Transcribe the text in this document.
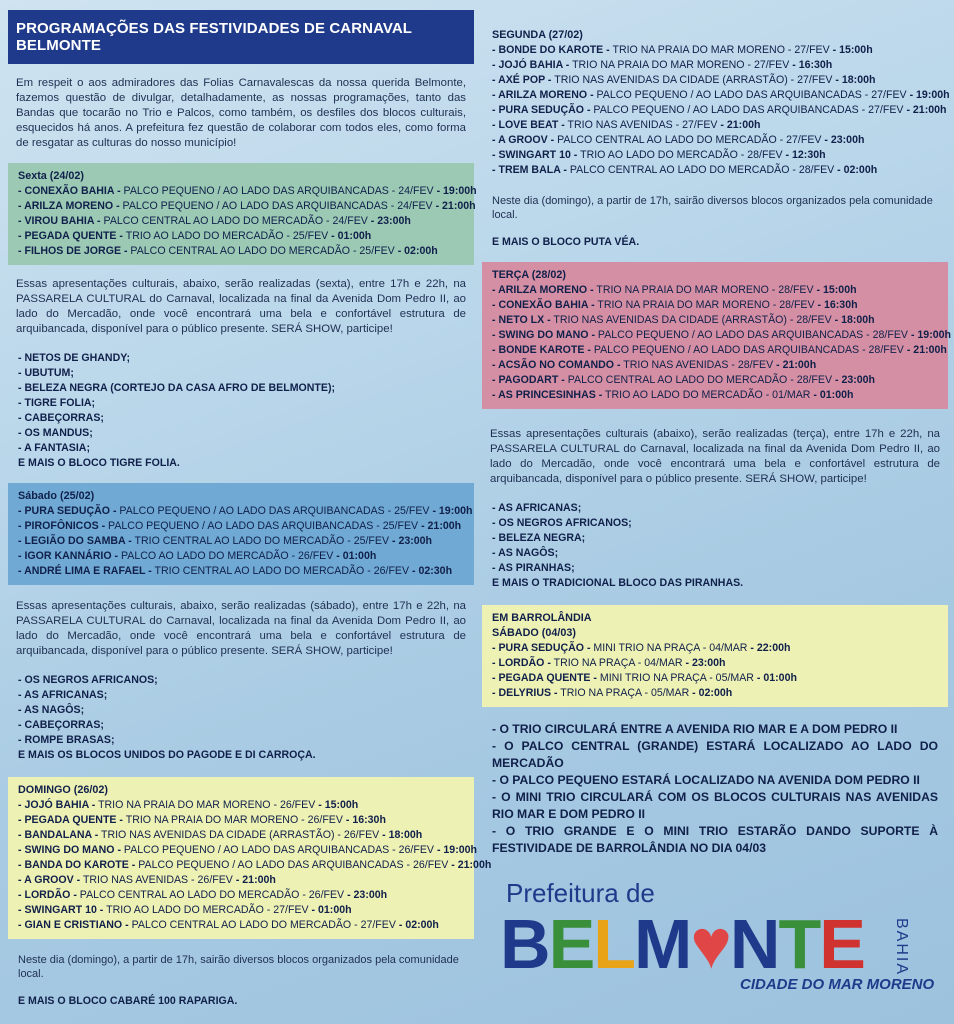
PROGRAMAÇÕES DAS FESTIVIDADES DE CARNAVAL BELMONTE
Em respeit o aos admiradores das Folias Carnavalescas da nossa querida Belmonte, fazemos questão de divulgar, detalhadamente, as nossas programações, tanto das Bandas que tocarão no Trio e Palcos, como também, os desfiles dos blocos culturais, esquecidos há anos. A prefeitura fez questão de colaborar com todos eles, como forma de resgatar as culturas do nosso município!
Sexta (24/02)
- CONEXÃO BAHIA - PALCO PEQUENO / AO LADO DAS ARQUIBANCADAS - 24/FEV - 19:00h
- ARILZA MORENO - PALCO PEQUENO / AO LADO DAS ARQUIBANCADAS - 24/FEV - 21:00h
- VIROU BAHIA - PALCO CENTRAL AO LADO DO MERCADÃO - 24/FEV - 23:00h
- PEGADA QUENTE - TRIO AO LADO DO MERCADÃO - 25/FEV - 01:00h
- FILHOS DE JORGE - PALCO CENTRAL AO LADO DO MERCADÃO - 25/FEV - 02:00h
Essas apresentações culturais, abaixo, serão realizadas (sexta), entre 17h e 22h, na PASSARELA CULTURAL do Carnaval, localizada na final da Avenida Dom Pedro II, ao lado do Mercadão, onde você encontrará uma bela e confortável estrutura de arquibancada, disponível para o público presente. SERÁ SHOW, participe!
- NETOS DE GHANDY;
- UBUTUM;
- BELEZA NEGRA (CORTEJO DA CASA AFRO DE BELMONTE);
- TIGRE FOLIA;
- CABEÇORRAS;
- OS MANDUS;
- A FANTASIA;
E MAIS O BLOCO TIGRE FOLIA.
Sábado (25/02)
- PURA SEDUÇÃO - PALCO PEQUENO / AO LADO DAS ARQUIBANCADAS - 25/FEV - 19:00h
- PIROFÔNICOS - PALCO PEQUENO / AO LADO DAS ARQUIBANCADAS - 25/FEV - 21:00h
- LEGIÃO DO SAMBA - TRIO CENTRAL AO LADO DO MERCADÃO - 25/FEV - 23:00h
- IGOR KANNÁRIO - PALCO AO LADO DO MERCADÃO - 26/FEV - 01:00h
- ANDRÉ LIMA E RAFAEL - TRIO CENTRAL AO LADO DO MERCADÃO - 26/FEV - 02:30h
Essas apresentações culturais, abaixo, serão realizadas (sábado), entre 17h e 22h, na PASSARELA CULTURAL do Carnaval, localizada na final da Avenida Dom Pedro II, ao lado do Mercadão, onde você encontrará uma bela e confortável estrutura de arquibancada, disponível para o público presente. SERÁ SHOW, participe!
- OS NEGROS AFRICANOS;
- AS AFRICANAS;
- AS NAGÔS;
- CABEÇORRAS;
- ROMPE BRASAS;
E MAIS OS BLOCOS UNIDOS DO PAGODE E DI CARROÇA.
DOMINGO (26/02)
- JOJÓ BAHIA - TRIO NA PRAIA DO MAR MORENO - 26/FEV - 15:00h
- PEGADA QUENTE - TRIO NA PRAIA DO MAR MORENO - 26/FEV - 16:30h
- BANDALANA - TRIO NAS AVENIDAS DA CIDADE (ARRASTÃO) - 26/FEV - 18:00h
- SWING DO MANO - PALCO PEQUENO / AO LADO DAS ARQUIBANCADAS - 26/FEV - 19:00h
- BANDA DO KAROTE - PALCO PEQUENO / AO LADO DAS ARQUIBANCADAS - 26/FEV - 21:00h
- A GROOV - TRIO NAS AVENIDAS - 26/FEV - 21:00h
- LORDÃO - PALCO CENTRAL AO LADO DO MERCADÃO - 26/FEV - 23:00h
- SWINGART 10 - TRIO AO LADO DO MERCADÃO - 27/FEV - 01:00h
- GIAN E CRISTIANO - PALCO CENTRAL AO LADO DO MERCADÃO - 27/FEV - 02:00h
Neste dia (domingo), a partir de 17h, sairão diversos blocos organizados pela comunidade local.
E MAIS O BLOCO CABARÉ 100 RAPARIGA.
SEGUNDA (27/02)
- BONDE DO KAROTE - TRIO NA PRAIA DO MAR MORENO - 27/FEV - 15:00h
- JOJÓ BAHIA - TRIO NA PRAIA DO MAR MORENO - 27/FEV - 16:30h
- AXÉ POP - TRIO NAS AVENIDAS DA CIDADE (ARRASTÃO) - 27/FEV - 18:00h
- ARILZA MORENO - PALCO PEQUENO / AO LADO DAS ARQUIBANCADAS - 27/FEV - 19:00h
- PURA SEDUÇÃO - PALCO PEQUENO / AO LADO DAS ARQUIBANCADAS - 27/FEV - 21:00h
- LOVE BEAT - TRIO NAS AVENIDAS - 27/FEV - 21:00h
- A GROOV - PALCO CENTRAL AO LADO DO MERCADÃO - 27/FEV - 23:00h
- SWINGART 10 - TRIO AO LADO DO MERCADÃO - 28/FEV - 12:30h
- TREM BALA - PALCO CENTRAL AO LADO DO MERCADÃO - 28/FEV - 02:00h
Neste dia (domingo), a partir de 17h, sairão diversos blocos organizados pela comunidade local.
E MAIS O BLOCO PUTA VÉA.
TERÇA (28/02)
- ARILZA MORENO - TRIO NA PRAIA DO MAR MORENO - 28/FEV - 15:00h
- CONEXÃO BAHIA - TRIO NA PRAIA DO MAR MORENO - 28/FEV - 16:30h
- NETO LX - TRIO NAS AVENIDAS DA CIDADE (ARRASTÃO) - 28/FEV - 18:00h
- SWING DO MANO - PALCO PEQUENO / AO LADO DAS ARQUIBANCADAS - 28/FEV - 19:00h
- BONDE KAROTE - PALCO PEQUENO / AO LADO DAS ARQUIBANCADAS - 28/FEV - 21:00h
- ACSÃO NO COMANDO - TRIO NAS AVENIDAS - 28/FEV - 21:00h
- PAGODART - PALCO CENTRAL AO LADO DO MERCADÃO - 28/FEV - 23:00h
- AS PRINCESINHAS - TRIO AO LADO DO MERCADÃO - 01/MAR - 01:00h
Essas apresentações culturais (abaixo), serão realizadas (terça), entre 17h e 22h, na PASSARELA CULTURAL do Carnaval, localizada na final da Avenida Dom Pedro II, ao lado do Mercadão, onde você encontrará uma bela e confortável estrutura de arquibancada, disponível para o público presente. SERÁ SHOW, participe!
- AS AFRICANAS;
- OS NEGROS AFRICANOS;
- BELEZA NEGRA;
- AS NAGÔS;
- AS PIRANHAS;
E MAIS O TRADICIONAL BLOCO DAS PIRANHAS.
EM BARROLÂNDIA
SÁBADO (04/03)
- PURA SEDUÇÃO - MINI TRIO NA PRAÇA - 04/MAR - 22:00h
- LORDÃO - TRIO NA PRAÇA - 04/MAR - 23:00h
- PEGADA QUENTE - MINI TRIO NA PRAÇA - 05/MAR - 01:00h
- DELYRIUS - TRIO NA PRAÇA - 05/MAR - 02:00h
- O TRIO CIRCULARÁ ENTRE A AVENIDA RIO MAR E A DOM PEDRO II
- O PALCO CENTRAL (GRANDE) ESTARÁ LOCALIZADO AO LADO DO MERCADÃO
- O PALCO PEQUENO ESTARÁ LOCALIZADO NA AVENIDA DOM PEDRO II
- O MINI TRIO CIRCULARÁ COM OS BLOCOS CULTURAIS NAS AVENIDAS RIO MAR E DOM PEDRO II
- O TRIO GRANDE E O MINI TRIO ESTARÃO DANDO SUPORTE À FESTIVIDADE DE BARROLÂNDIA NO DIA 04/03
Prefeitura de
BELM♥NTE BAHIA
CIDADE DO MAR MORENO
